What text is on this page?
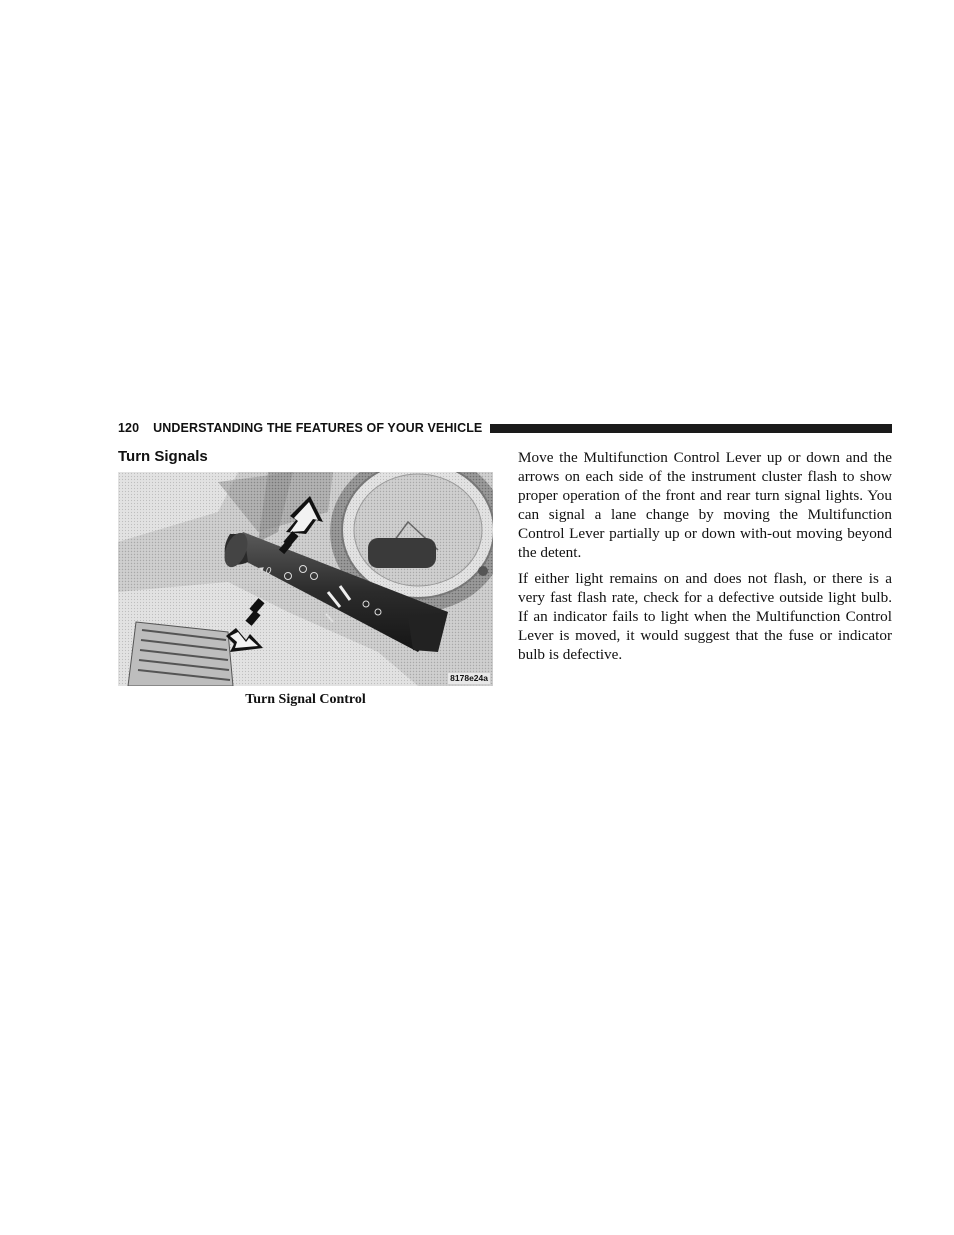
120 UNDERSTANDING THE FEATURES OF YOUR VEHICLE
Turn Signals
◂ 0
8178e24a
Turn Signal Control

Move the Multifunction Control Lever up or down and the arrows on each side of the instrument cluster flash to show proper operation of the front and rear turn signal lights. You can signal a lane change by moving the Multifunction Control Lever partially up or down with-out moving beyond the detent.

If either light remains on and does not flash, or there is a very fast flash rate, check for a defective outside light bulb. If an indicator fails to light when the Multifunction Control Lever is moved, it would suggest that the fuse or indicator bulb is defective.
